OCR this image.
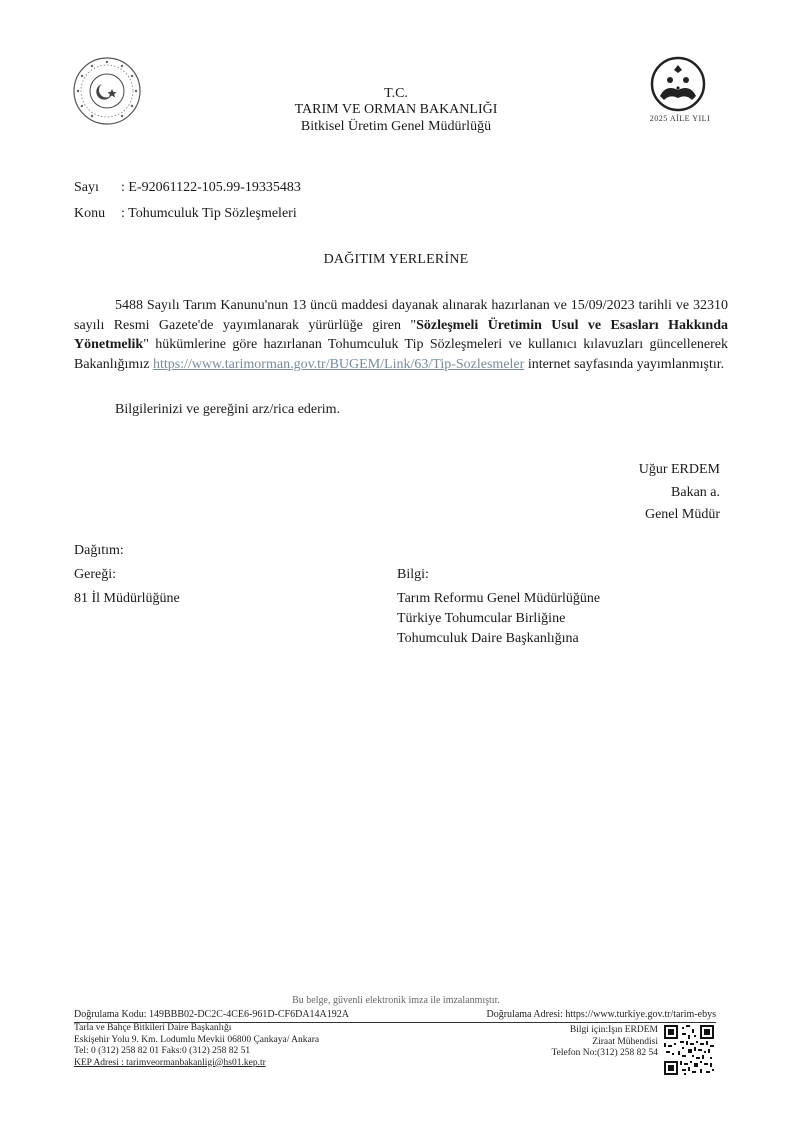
2025 AİLE YILI
T.C.
TARIM VE ORMAN BAKANLIĞI
Bitkisel Üretim Genel Müdürlüğü
Sayı : E-92061122-105.99-19335483
Konu : Tohumculuk Tip Sözleşmeleri
DAĞITIM YERLERİNE
5488 Sayılı Tarım Kanunu'nun 13 üncü maddesi dayanak alınarak hazırlanan ve 15/09/2023 tarihli ve 32310 sayılı Resmi Gazete'de yayımlanarak yürürlüğe giren "Sözleşmeli Üretimin Usul ve Esasları Hakkında Yönetmelik" hükümlerine göre hazırlanan Tohumculuk Tip Sözleşmeleri ve kullanıcı kılavuzları güncellenerek Bakanlığımız https://www.tarimorman.gov.tr/BUGEM/Link/63/Tip-Sozlesmeler internet sayfasında yayımlanmıştır.
Bilgilerinizi ve gereğini arz/rica ederim.
Uğur ERDEM
Bakan a.
Genel Müdür
Dağıtım:
Gereği:
81 İl Müdürlüğüne
Bilgi:
Tarım Reformu Genel Müdürlüğüne
Türkiye Tohumcular Birliğine
Tohumculuk Daire Başkanlığına
Bu belge, güvenli elektronik imza ile imzalanmıştır.
Doğrulama Kodu: 149BBB02-DC2C-4CE6-961D-CF6DA14A192A	Doğrulama Adresi: https://www.turkiye.gov.tr/tarim-ebys
Tarla ve Bahçe Bitkileri Daire Başkanlığı
Eskişehir Yolu 9. Km. Lodumlu Mevkii 06800 Çankaya/ Ankara
Tel: 0 (312) 258 82 01 Faks:0 (312) 258 82 51
KEP Adresi : tarimveormanbakanligi@hs01.kep.tr
Bilgi için:Işın ERDEM
Ziraat Mühendisi
Telefon No:(312) 258 82 54
